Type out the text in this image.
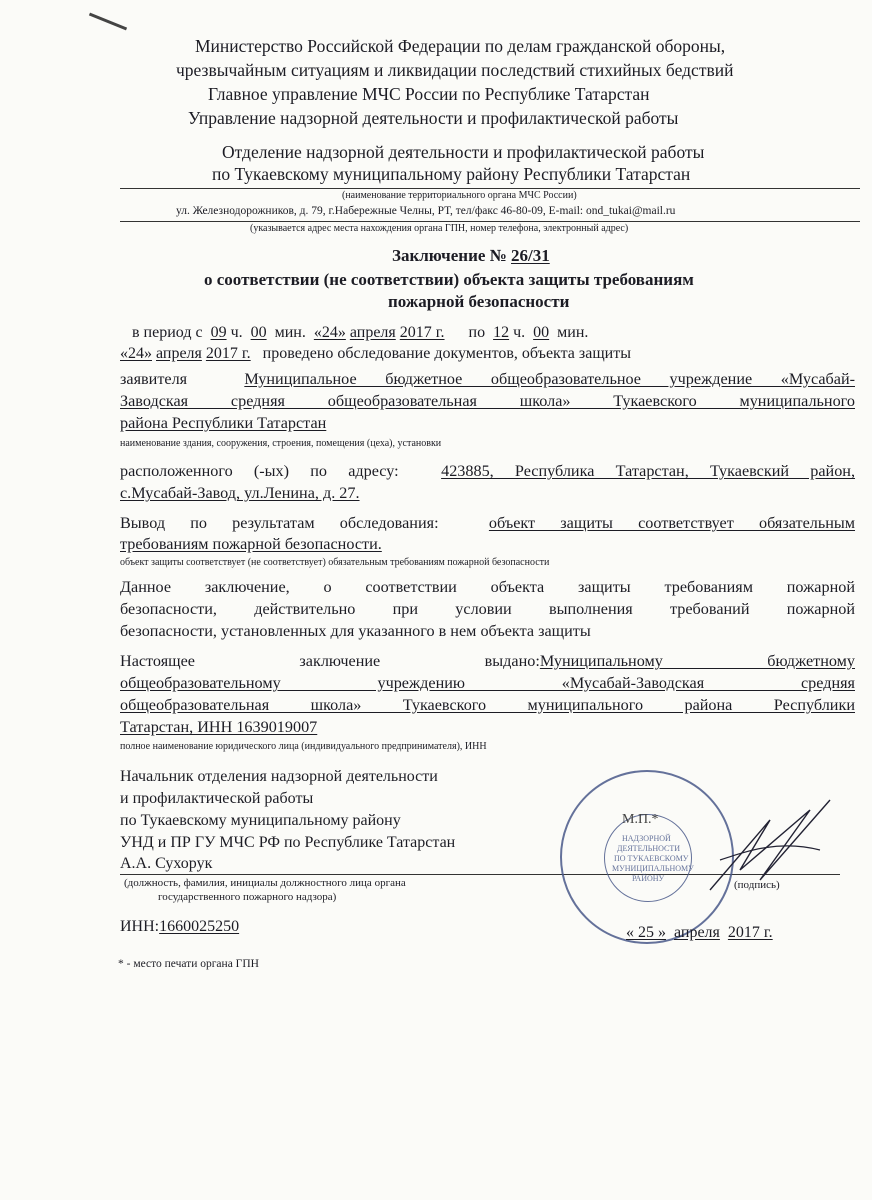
Министерство Российской Федерации по делам гражданской обороны,
чрезвычайным ситуациям и ликвидации последствий стихийных бедствий
Главное управление МЧС России по Республике Татарстан
Управление надзорной деятельности и профилактической работы
Отделение надзорной деятельности и профилактической работы
по Тукаевскому муниципальному району Республики Татарстан
(наименование территориального органа МЧС России)
ул. Железнодорожников, д. 79, г.Набережные Челны, РТ, тел/факс 46-80-09, E-mail: ond_tukai@mail.ru
(указывается адрес места нахождения органа ГПН, номер телефона, электронный адрес)
Заключение № 26/31
о соответствии (не соответствии) объекта защиты требованиям
пожарной безопасности
в период с 09 ч. 00 мин. «24» апреля 2017 г. по 12 ч. 00 мин.
«24» апреля 2017 г. проведено обследование документов, объекта защиты
заявителя	Муниципальное бюджетное общеобразовательное учреждение «Мусабай-
Заводская средняя общеобразовательная школа» Тукаевского муниципального
района Республики Татарстан
наименование здания, сооружения, строения, помещения (цеха), установки
расположенного (-ых) по адресу:	423885, Республика Татарстан, Тукаевский район,
с.Мусабай-Завод, ул.Ленина, д. 27.
Вывод по результатам обследования:	объект защиты соответствует обязательным
требованиям пожарной безопасности.
объект защиты соответствует (не соответствует) обязательным требованиям пожарной безопасности
Данное заключение, о соответствии объекта защиты требованиям пожарной
безопасности, действительно при условии выполнения требований пожарной
безопасности, установленных для указанного в нем объекта защиты
Настоящее заключение выдано:Муниципальному бюджетному
общеобразовательному учреждению «Мусабай-Заводская средняя
общеобразовательная школа» Тукаевского муниципального района Республики
Татарстан, ИНН 1639019007
полное наименование юридического лица (индивидуального предпринимателя), ИНН
Начальник отделения надзорной деятельности
и профилактической работы
по Тукаевскому муниципальному району
УНД и ПР ГУ МЧС РФ по Республике Татарстан
А.А. Сухорук
(должность, фамилия, инициалы должностного лица органа
государственного пожарного надзора)
(подпись)
М.П.*
НАДЗОРНОЙ
ДЕЯТЕЛЬНОСТИ
ПО ТУКАЕВСКОМУ
МУНИЦИПАЛЬНОМУ
РАЙОНУ
ИНН:1660025250	« 25 » апреля 2017 г.
* - место печати органа ГПН
